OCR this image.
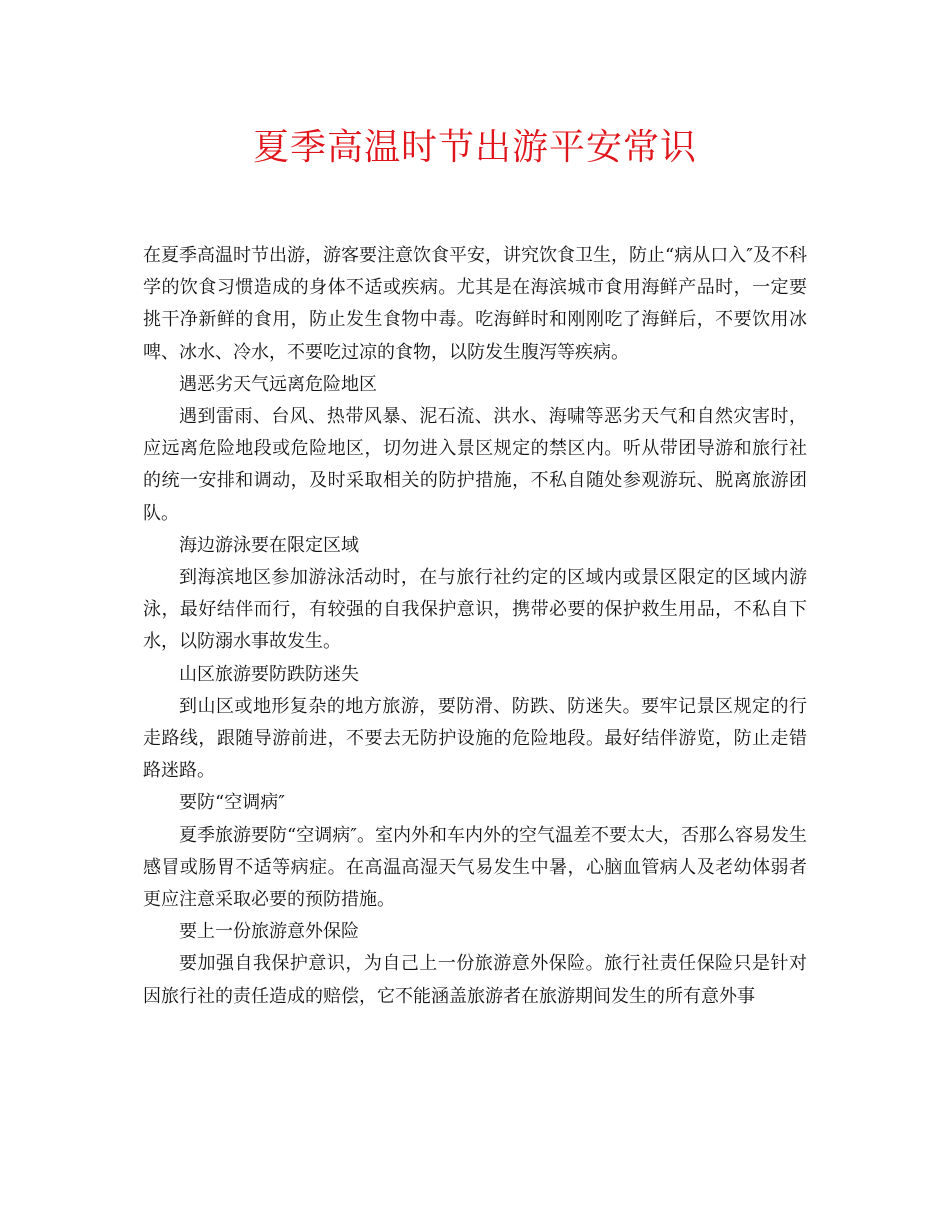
夏季高温时节出游平安常识

在夏季高温时节出游，游客要注意饮食平安，讲究饮食卫生，防止“病从口入″及不科学的饮食习惯造成的身体不适或疾病。尤其是在海滨城市食用海鲜产品时，一定要挑干净新鲜的食用，防止发生食物中毒。吃海鲜时和刚刚吃了海鲜后，不要饮用冰啤、冰水、冷水，不要吃过凉的食物，以防发生腹泻等疾病。

遇恶劣天气远离危险地区

遇到雷雨、台风、热带风暴、泥石流、洪水、海啸等恶劣天气和自然灾害时，应远离危险地段或危险地区，切勿进入景区规定的禁区内。听从带团导游和旅行社的统一安排和调动，及时采取相关的防护措施，不私自随处参观游玩、脱离旅游团队。

海边游泳要在限定区域

到海滨地区参加游泳活动时，在与旅行社约定的区域内或景区限定的区域内游泳，最好结伴而行，有较强的自我保护意识，携带必要的保护救生用品，不私自下水，以防溺水事故发生。

山区旅游要防跌防迷失

到山区或地形复杂的地方旅游，要防滑、防跌、防迷失。要牢记景区规定的行走路线，跟随导游前进，不要去无防护设施的危险地段。最好结伴游览，防止走错路迷路。

要防“空调病″

夏季旅游要防“空调病″。室内外和车内外的空气温差不要太大，否那么容易发生感冒或肠胃不适等病症。在高温高湿天气易发生中暑，心脑血管病人及老幼体弱者更应注意采取必要的预防措施。

要上一份旅游意外保险

要加强自我保护意识，为自己上一份旅游意外保险。旅行社责任保险只是针对因旅行社的责任造成的赔偿，它不能涵盖旅游者在旅游期间发生的所有意外事
